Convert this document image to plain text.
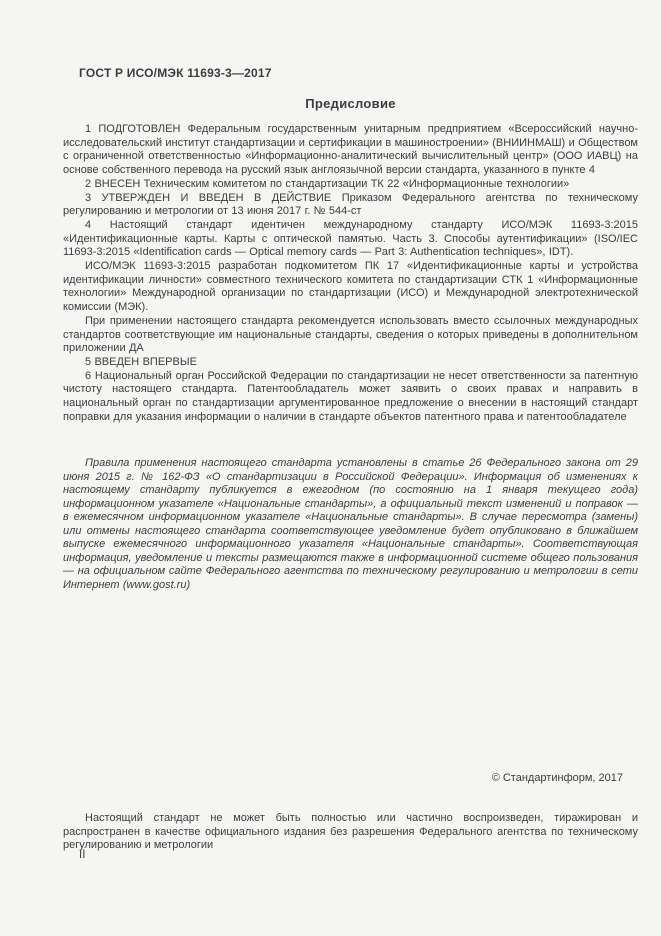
ГОСТ Р ИСО/МЭК 11693-3—2017
Предисловие

1 ПОДГОТОВЛЕН Федеральным государственным унитарным предприятием «Всероссийский научно-исследовательский институт стандартизации и сертификации в машиностроении» (ВНИИНМАШ) и Обществом с ограниченной ответственностью «Информационно-аналитический вычислительный центр» (ООО ИАВЦ) на основе собственного перевода на русский язык англоязычной версии стандарта, указанного в пункте 4

2 ВНЕСЕН Техническим комитетом по стандартизации ТК 22 «Информационные технологии»

3 УТВЕРЖДЕН И ВВЕДЕН В ДЕЙСТВИЕ Приказом Федерального агентства по техническому регулированию и метрологии от 13 июня 2017 г. № 544-ст

4 Настоящий стандарт идентичен международному стандарту ИСО/МЭК 11693-3:2015 «Идентификационные карты. Карты с оптической памятью. Часть 3. Способы аутентификации» (ISO/IEC 11693-3:2015 «Identification cards — Optical memory cards — Part 3: Authentication techniques», IDT).

ИСО/МЭК 11693-3:2015 разработан подкомитетом ПК 17 «Идентификационные карты и устройства идентификации личности» совместного технического комитета по стандартизации СТК 1 «Информационные технологии» Международной организации по стандартизации (ИСО) и Международной электротехнической комиссии (МЭК).

При применении настоящего стандарта рекомендуется использовать вместо ссылочных международных стандартов соответствующие им национальные стандарты, сведения о которых приведены в дополнительном приложении ДА

5 ВВЕДЕН ВПЕРВЫЕ

6 Национальный орган Российской Федерации по стандартизации не несет ответственности за патентную чистоту настоящего стандарта. Патентообладатель может заявить о своих правах и направить в национальный орган по стандартизации аргументированное предложение о внесении в настоящий стандарт поправки для указания информации о наличии в стандарте объектов патентного права и патентообладателе

Правила применения настоящего стандарта установлены в статье 26 Федерального закона от 29 июня 2015 г. № 162-ФЗ «О стандартизации в Российской Федерации». Информация об изменениях к настоящему стандарту публикуется в ежегодном (по состоянию на 1 января текущего года) информационном указателе «Национальные стандарты», а официальный текст изменений и поправок — в ежемесячном информационном указателе «Национальные стандарты». В случае пересмотра (замены) или отмены настоящего стандарта соответствующее уведомление будет опубликовано в ближайшем выпуске ежемесячного информационного указателя «Национальные стандарты». Соответствующая информация, уведомление и тексты размещаются также в информационной системе общего пользования — на официальном сайте Федерального агентства по техническому регулированию и метрологии в сети Интернет (www.gost.ru)

© Стандартинформ, 2017

Настоящий стандарт не может быть полностью или частично воспроизведен, тиражирован и распространен в качестве официального издания без разрешения Федерального агентства по техническому регулированию и метрологии

II
